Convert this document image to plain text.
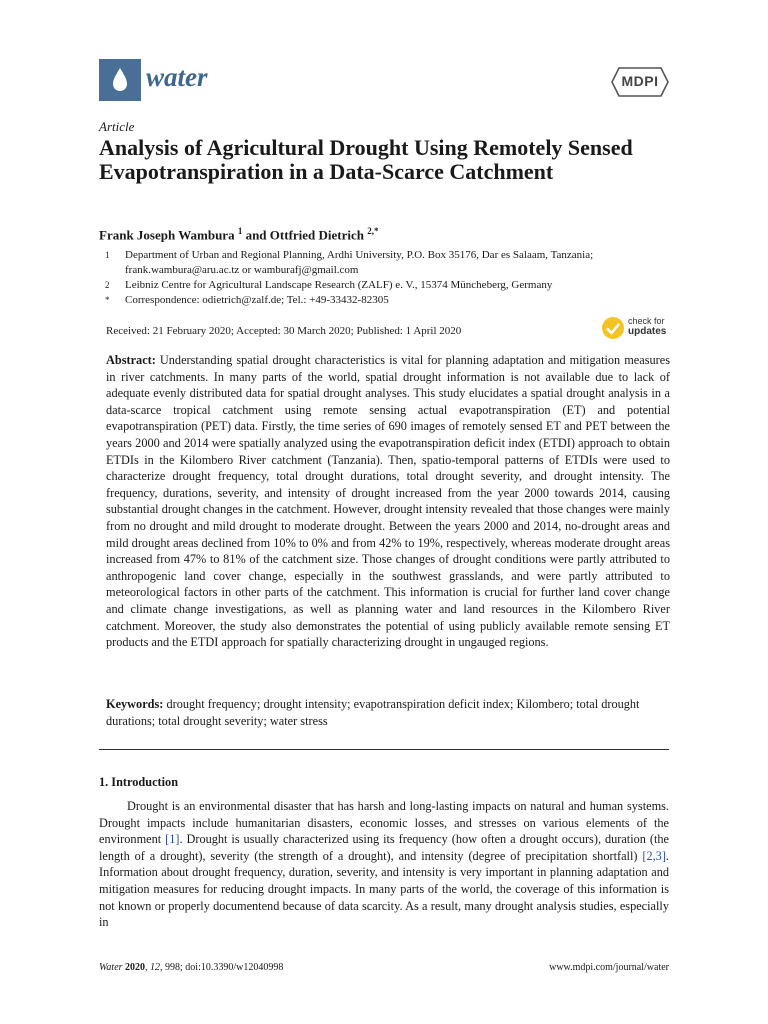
water	MDPI
Article
Analysis of Agricultural Drought Using Remotely Sensed Evapotranspiration in a Data-Scarce Catchment
Frank Joseph Wambura $^1$ and Ottfried Dietrich $^{2,*}$
1 Department of Urban and Regional Planning, Ardhi University, P.O. Box 35176, Dar es Salaam, Tanzania; frank.wambura@aru.ac.tz or wamburafj@gmail.com
2 Leibniz Centre for Agricultural Landscape Research (ZALF) e. V., 15374 Müncheberg, Germany
* Correspondence: odietrich@zalf.de; Tel.: +49-33432-82305
Received: 21 February 2020; Accepted: 30 March 2020; Published: 1 April 2020
check for
updates

Abstract: Understanding spatial drought characteristics is vital for planning adaptation and mitigation measures in river catchments. In many parts of the world, spatial drought information is not available due to lack of adequate evenly distributed data for spatial drought analyses. This study elucidates a spatial drought analysis in a data-scarce tropical catchment using remote sensing actual evapotranspiration (ET) and potential evapotranspiration (PET) data. Firstly, the time series of 690 images of remotely sensed ET and PET between the years 2000 and 2014 were spatially analyzed using the evapotranspiration deficit index (ETDI) approach to obtain ETDIs in the Kilombero River catchment (Tanzania). Then, spatio-temporal patterns of ETDIs were used to characterize drought frequency, total drought durations, total drought severity, and drought intensity. The frequency, durations, severity, and intensity of drought increased from the year 2000 towards 2014, causing substantial drought changes in the catchment. However, drought intensity revealed that those changes were mainly from no drought and mild drought to moderate drought. Between the years 2000 and 2014, no-drought areas and mild drought areas declined from 10% to 0% and from 42% to 19%, respectively, whereas moderate drought areas increased from 47% to 81% of the catchment size. Those changes of drought conditions were partly attributed to anthropogenic land cover change, especially in the southwest grasslands, and were partly attributed to meteorological factors in other parts of the catchment. This information is crucial for further land cover change and climate change investigations, as well as planning water and land resources in the Kilombero River catchment. Moreover, the study also demonstrates the potential of using publicly available remote sensing ET products and the ETDI approach for spatially characterizing drought in ungauged regions.

Keywords: drought frequency; drought intensity; evapotranspiration deficit index; Kilombero; total drought durations; total drought severity; water stress

1. Introduction

Drought is an environmental disaster that has harsh and long-lasting impacts on natural and human systems. Drought impacts include humanitarian disasters, economic losses, and stresses on various elements of the environment [1]. Drought is usually characterized using its frequency (how often a drought occurs), duration (the length of a drought), severity (the strength of a drought), and intensity (degree of precipitation shortfall) [2,3]. Information about drought frequency, duration, severity, and intensity is very important in planning adaptation and mitigation measures for reducing drought impacts. In many parts of the world, the coverage of this information is not known or properly documentend because of data scarcity. As a result, many drought analysis studies, especially in

Water 2020, 12, 998; doi:10.3390/w12040998	www.mdpi.com/journal/water
